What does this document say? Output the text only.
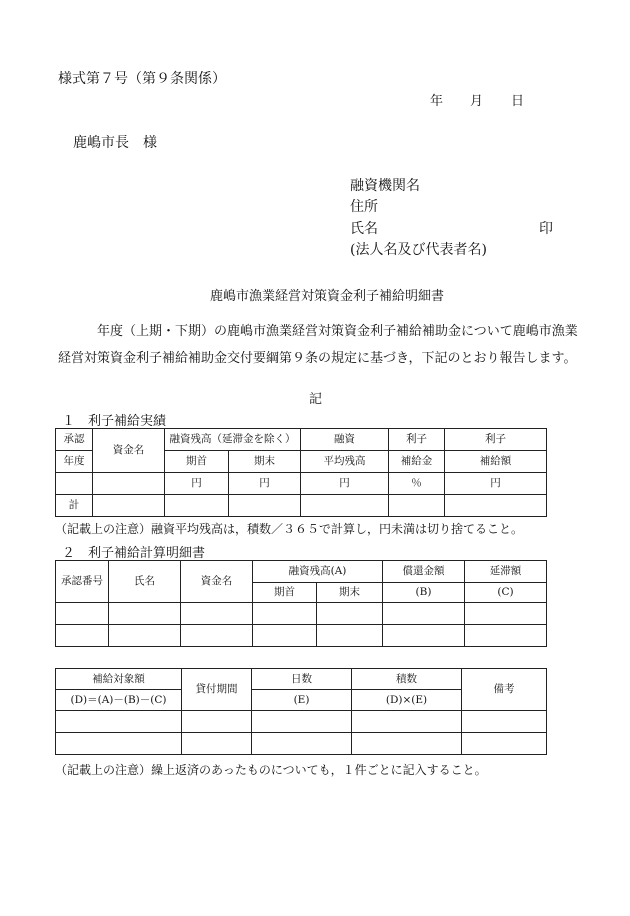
様式第７号（第９条関係）
年 月 日
鹿嶋市長　様
融資機関名
住所
氏名	印
(法人名及び代表者名)
鹿嶋市漁業経営対策資金利子補給明細書
　　　年度（上期・下期）の鹿嶋市漁業経営対策資金利子補給補助金について鹿嶋市漁業経営対策資金利子補給補助金交付要綱第９条の規定に基づき，下記のとおり報告します。
記
１　利子補給実績
承認	資金名	融資残高（延滞金を除く）		融資	利子	利子
年度		期首	期末	平均残高	補給金	補給額
		円	円	円	％	円
計						
（記載上の注意）融資平均残高は，積数／３６５で計算し，円未満は切り捨てること。
２　利子補給計算明細書
承認番号	氏名	資金名	融資残高(A)		償還金額	延滞額
			期首	期末	(B)	(C)

補給対象額	貸付期間	日数	積数	備考
(D)＝(A)－(B)－(C)		(E)	(D)×(E)	

（記載上の注意）繰上返済のあったものについても，１件ごとに記入すること。
